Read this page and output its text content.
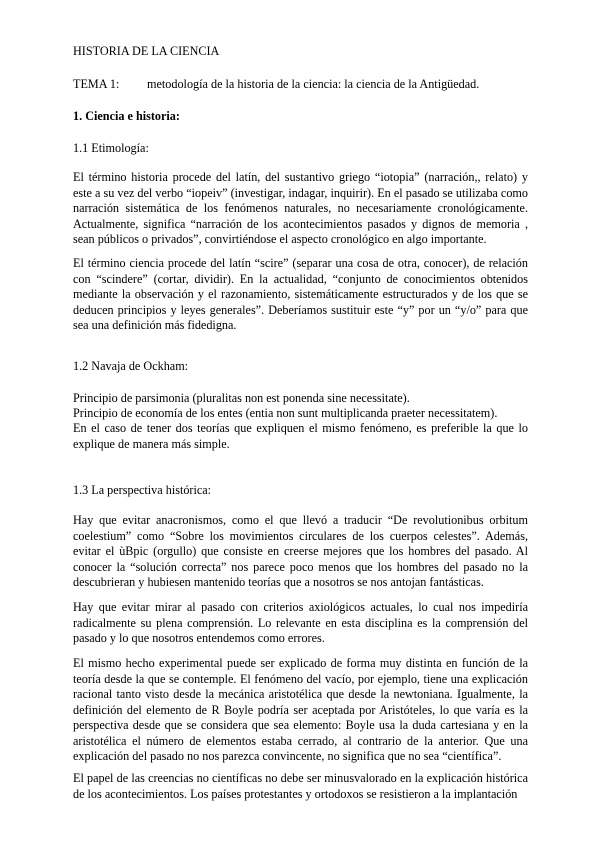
HISTORIA DE LA CIENCIA
TEMA 1: metodología de la historia de la ciencia: la ciencia de la Antigüedad.
1. Ciencia e historia:
1.1 Etimología:

El término historia procede del latín, del sustantivo griego “iotopia” (narración,, relato) y este a su vez del verbo “iopeiv” (investigar, indagar, inquirir). En el pasado se utilizaba como narración sistemática de los fenómenos naturales, no necesariamente cronológicamente. Actualmente, significa “narración de los acontecimientos pasados y dignos de memoria , sean públicos o privados”, convirtiéndose el aspecto cronológico en algo importante.

El término ciencia procede del latín “scire” (separar una cosa de otra, conocer), de relación con “scindere” (cortar, dividir). En la actualidad, “conjunto de conocimientos obtenidos mediante la observación y el razonamiento, sistemáticamente estructurados y de los que se deducen principios y leyes generales”. Deberíamos sustituir este “y” por un “y/o” para que sea una definición más fidedigna.

1.2 Navaja de Ockham:
Principio de parsimonia (pluralitas non est ponenda sine necessitate).
Principio de economía de los entes (entia non sunt multiplicanda praeter necessitatem).

En el caso de tener dos teorías que expliquen el mismo fenómeno, es preferible la que lo explique de manera más simple.

1.3 La perspectiva histórica:

Hay que evitar anacronismos, como el que llevó a traducir “De revolutionibus orbitum coelestium” como “Sobre los movimientos circulares de los cuerpos celestes”. Además, evitar el ùBpic (orgullo) que consiste en creerse mejores que los hombres del pasado. Al conocer la “solución correcta” nos parece poco menos que los hombres del pasado no la descubrieran y hubiesen mantenido teorías que a nosotros se nos antojan fantásticas.

Hay que evitar mirar al pasado con criterios axiológicos actuales, lo cual nos impediría radicalmente su plena comprensión. Lo relevante en esta disciplina es la comprensión del pasado y lo que nosotros entendemos como errores.

El mismo hecho experimental puede ser explicado de forma muy distinta en función de la teoría desde la que se contemple. El fenómeno del vacío, por ejemplo, tiene una explicación racional tanto visto desde la mecánica aristotélica que desde la newtoniana. Igualmente, la definición del elemento de R Boyle podría ser aceptada por Aristóteles, lo que varía es la perspectiva desde que se considera que sea elemento: Boyle usa la duda cartesiana y en la aristotélica el número de elementos estaba cerrado, al contrario de la anterior. Que una explicación del pasado no nos parezca convincente, no significa que no sea “científica”.

El papel de las creencias no científicas no debe ser minusvalorado en la explicación histórica de los acontecimientos. Los países protestantes y ortodoxos se resistieron a la implantación
